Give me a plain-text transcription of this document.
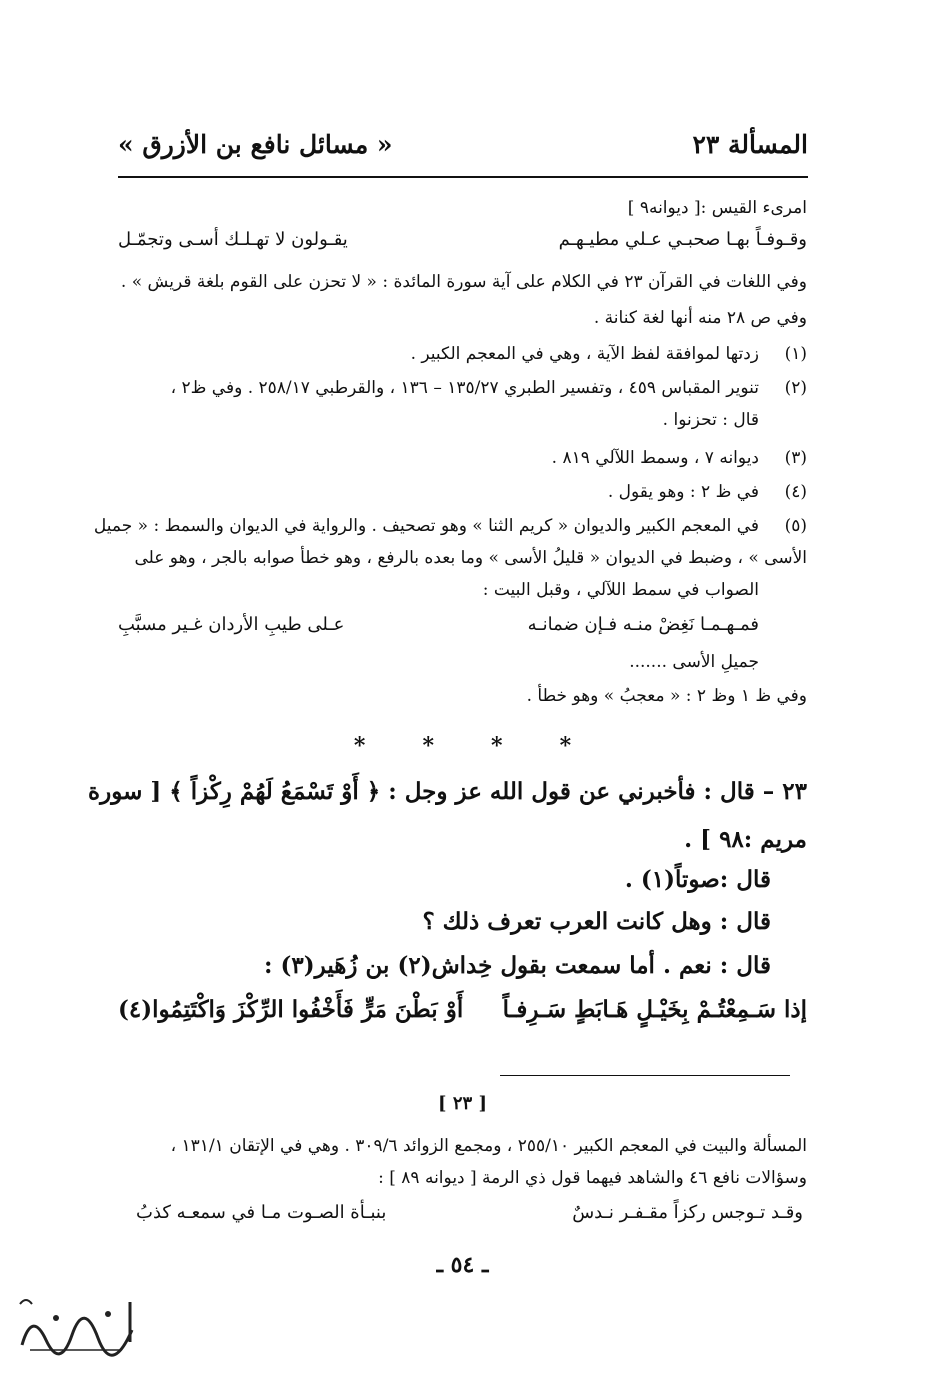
المسألة ٢٣
« مسائل نافع بن الأزرق »
امرىء القيس :[ ديوانه٩ ]
وقـوفـاً بهـا صحبـي عـلي مطيـهـم
يقـولون لا تهـلـك أسـى وتجمّـل
وفي اللغات في القرآن ٢٣ في الكلام على آية سورة المائدة : « لا تحزن على القوم بلغة قريش » .
وفي ص ٢٨ منه أنها لغة كنانة .
(١)
زدتها لموافقة لفظ الآية ، وهي في المعجم الكبير .
(٢)
تنوير المقباس ٤٥٩ ، وتفسير الطبري ١٣٥/٢٧ – ١٣٦ ، والقرطبي ٢٥٨/١٧ . وفي ظ٢ ،
قال : تحزنوا .
(٣)
ديوانه ٧ ، وسمط اللآلي ٨١٩ .
(٤)
في ظ ٢ : وهو يقول .
(٥)
في المعجم الكبير والديوان « كريم الثنا » وهو تصحيف . والرواية في الديوان والسمط : « جميل
الأسى » ، وضبط في الديوان « قليلُ الأسى » وما بعده بالرفع ، وهو خطأ صوابه بالجر ، وهو على
الصواب في سمط اللآلي ، وقبل البيت :
فمـهـمـا نَغِضْ منـه فـإن ضمانـه
عـلى طيبِ الأردان غـير مسبَّبِ
جميلِ الأسى .......
وفي ظ ١ وظ ٢ : « معجبُ » وهو خطأ .
*	*	*	*
٢٣ – قال : فأخبرني عن قول الله عز وجل : ﴿ أَوْ تَسْمَعُ لَهُمْ رِكْزاً ﴾ [ سورة
مريم :٩٨ ] .
قال :صوتاً(١) .
قال : وهل كانت العرب تعرف ذلك ؟
قال : نعم . أما سمعت بقول خِداش(٢) بن زُهَير(٣) :
إذا سَـمِعْتُـمْ بِخَيْـلٍ هَـابَطٍ سَـرِفـاً
أَوْ بَطْنَ مَرٍّ فَأَخْفُوا الرِّكْزَ وَاكْتَتِمُوا(٤)
[ ٢٣ ]
المسألة والبيت في المعجم الكبير ٢٥٥/١٠ ، ومجمع الزوائد ٣٠٩/٦ . وهي في الإتقان ١٣١/١ ،
وسؤالات نافع ٤٦ والشاهد فيهما قول ذي الرمة [ ديوانه ٨٩ ] :
وقـد تـوجس ركزاً مقـفـر نـدسٌ
بنبـأة الصـوت مـا في سمعـه كذبُ
ـ ٥٤ ـ
